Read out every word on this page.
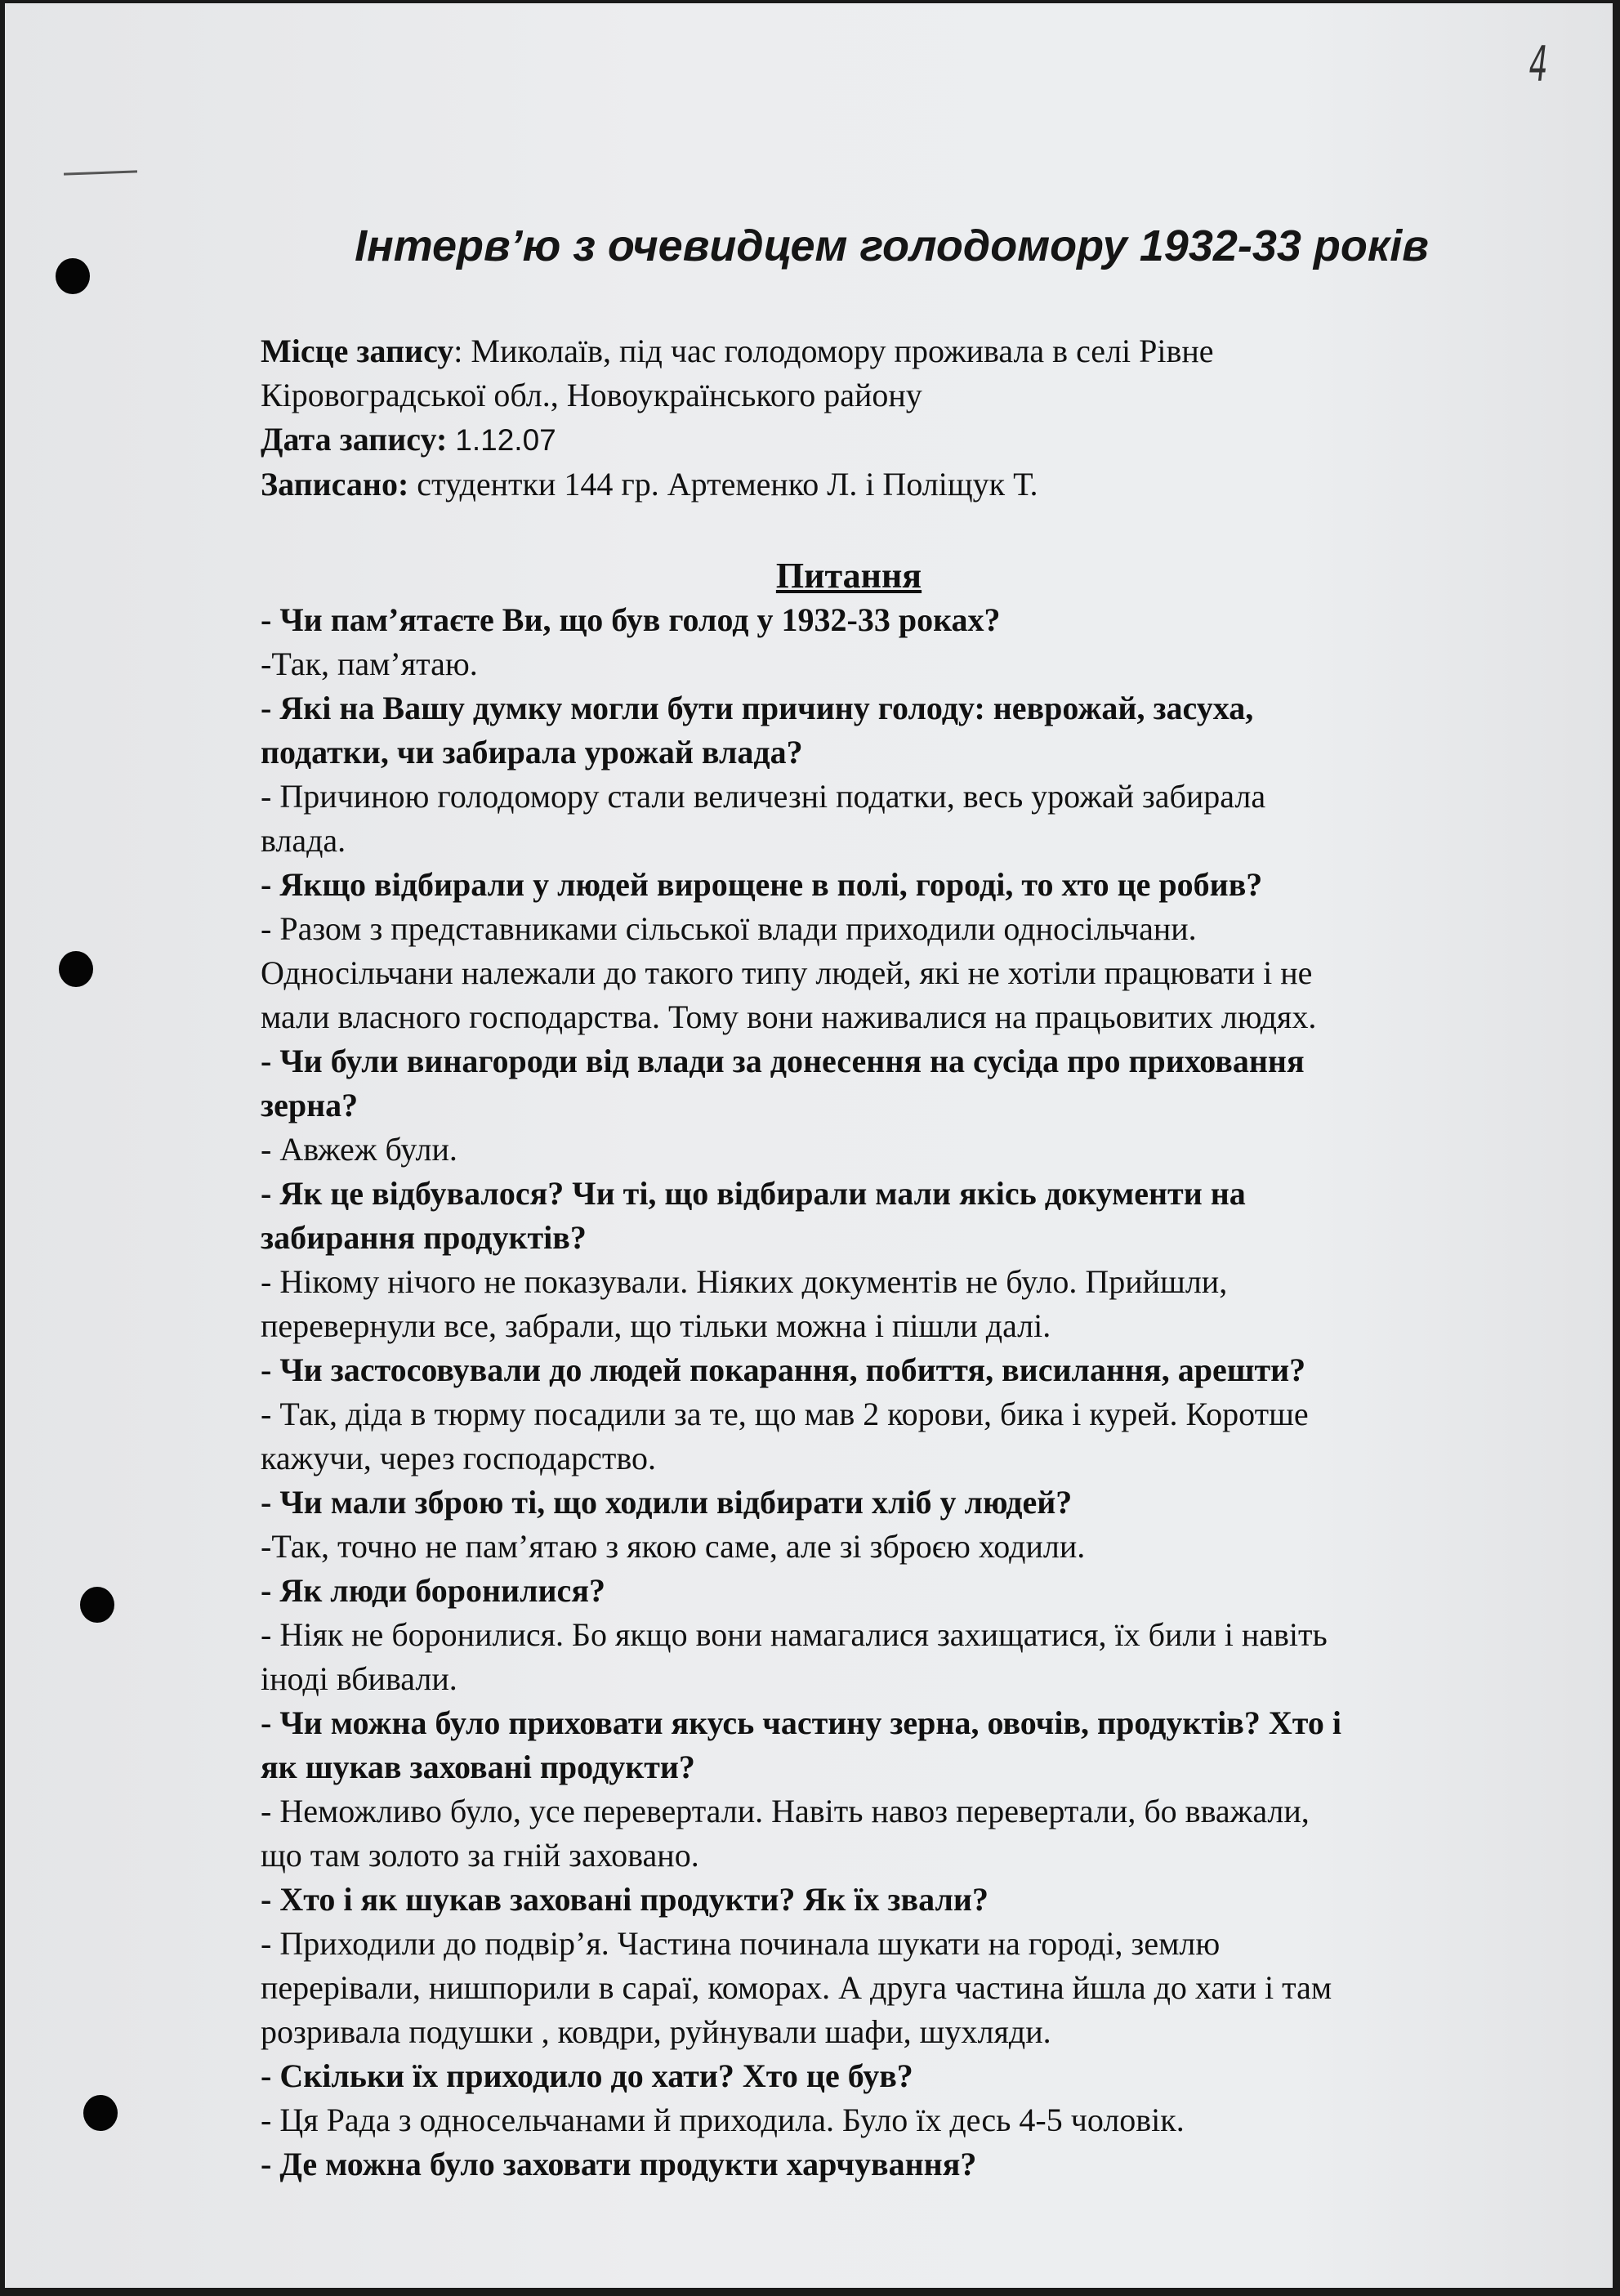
4
Інтерв’ю з очевидцем голодомору 1932-33 років
Місце запису: Миколаїв, під час голодомору проживала в селі Рівне
Кіровоградської обл., Новоукраїнського району
Дата запису: 1.12.07
Записано: студентки 144 гр. Артеменко Л. і Поліщук Т.
Питання
- Чи пам’ятаєте Ви, що був голод у 1932-33 роках?
-Так, пам’ятаю.
- Які на Вашу думку могли бути причину голоду: неврожай, засуха,
податки, чи забирала урожай влада?
- Причиною голодомору стали величезні податки, весь урожай забирала
влада.
- Якщо відбирали у людей вирощене в полі, городі, то хто це робив?
- Разом з представниками сільської влади приходили односільчани.
Односільчани належали до такого типу людей, які не хотіли працювати і не
мали власного господарства. Тому вони наживалися на працьовитих людях.
- Чи були винагороди від влади за донесення на сусіда про приховання
зерна?
- Авжеж були.
- Як це відбувалося? Чи ті, що відбирали мали якісь документи на
забирання продуктів?
- Нікому нічого не показували. Ніяких документів не було. Прийшли,
перевернули все, забрали, що тільки можна і пішли далі.
- Чи застосовували до людей покарання, побиття, висилання, арешти?
- Так, діда в тюрму посадили за те, що мав 2 корови, бика і курей. Коротше
кажучи, через господарство.
- Чи мали зброю ті, що ходили відбирати хліб у людей?
-Так, точно не пам’ятаю з якою саме, але зі зброєю ходили.
- Як люди боронилися?
- Ніяк не боронилися. Бо якщо вони намагалися захищатися, їх били і навіть
іноді вбивали.
- Чи можна було приховати якусь частину зерна, овочів, продуктів? Хто і
як шукав заховані продукти?
- Неможливо було, усе перевертали. Навіть навоз перевертали, бо вважали,
що там золото за гній заховано.
- Хто і як шукав заховані продукти? Як їх звали?
- Приходили до подвір’я. Частина починала шукати на городі, землю
перерівали, нишпорили в сараї, коморах. А друга частина йшла до хати і там
розривала подушки , ковдри, руйнували шафи, шухляди.
- Скільки їх приходило до хати? Хто це був?
- Ця Рада з односельчанами й приходила. Було їх десь 4-5 чоловік.
- Де можна було заховати продукти харчування?
